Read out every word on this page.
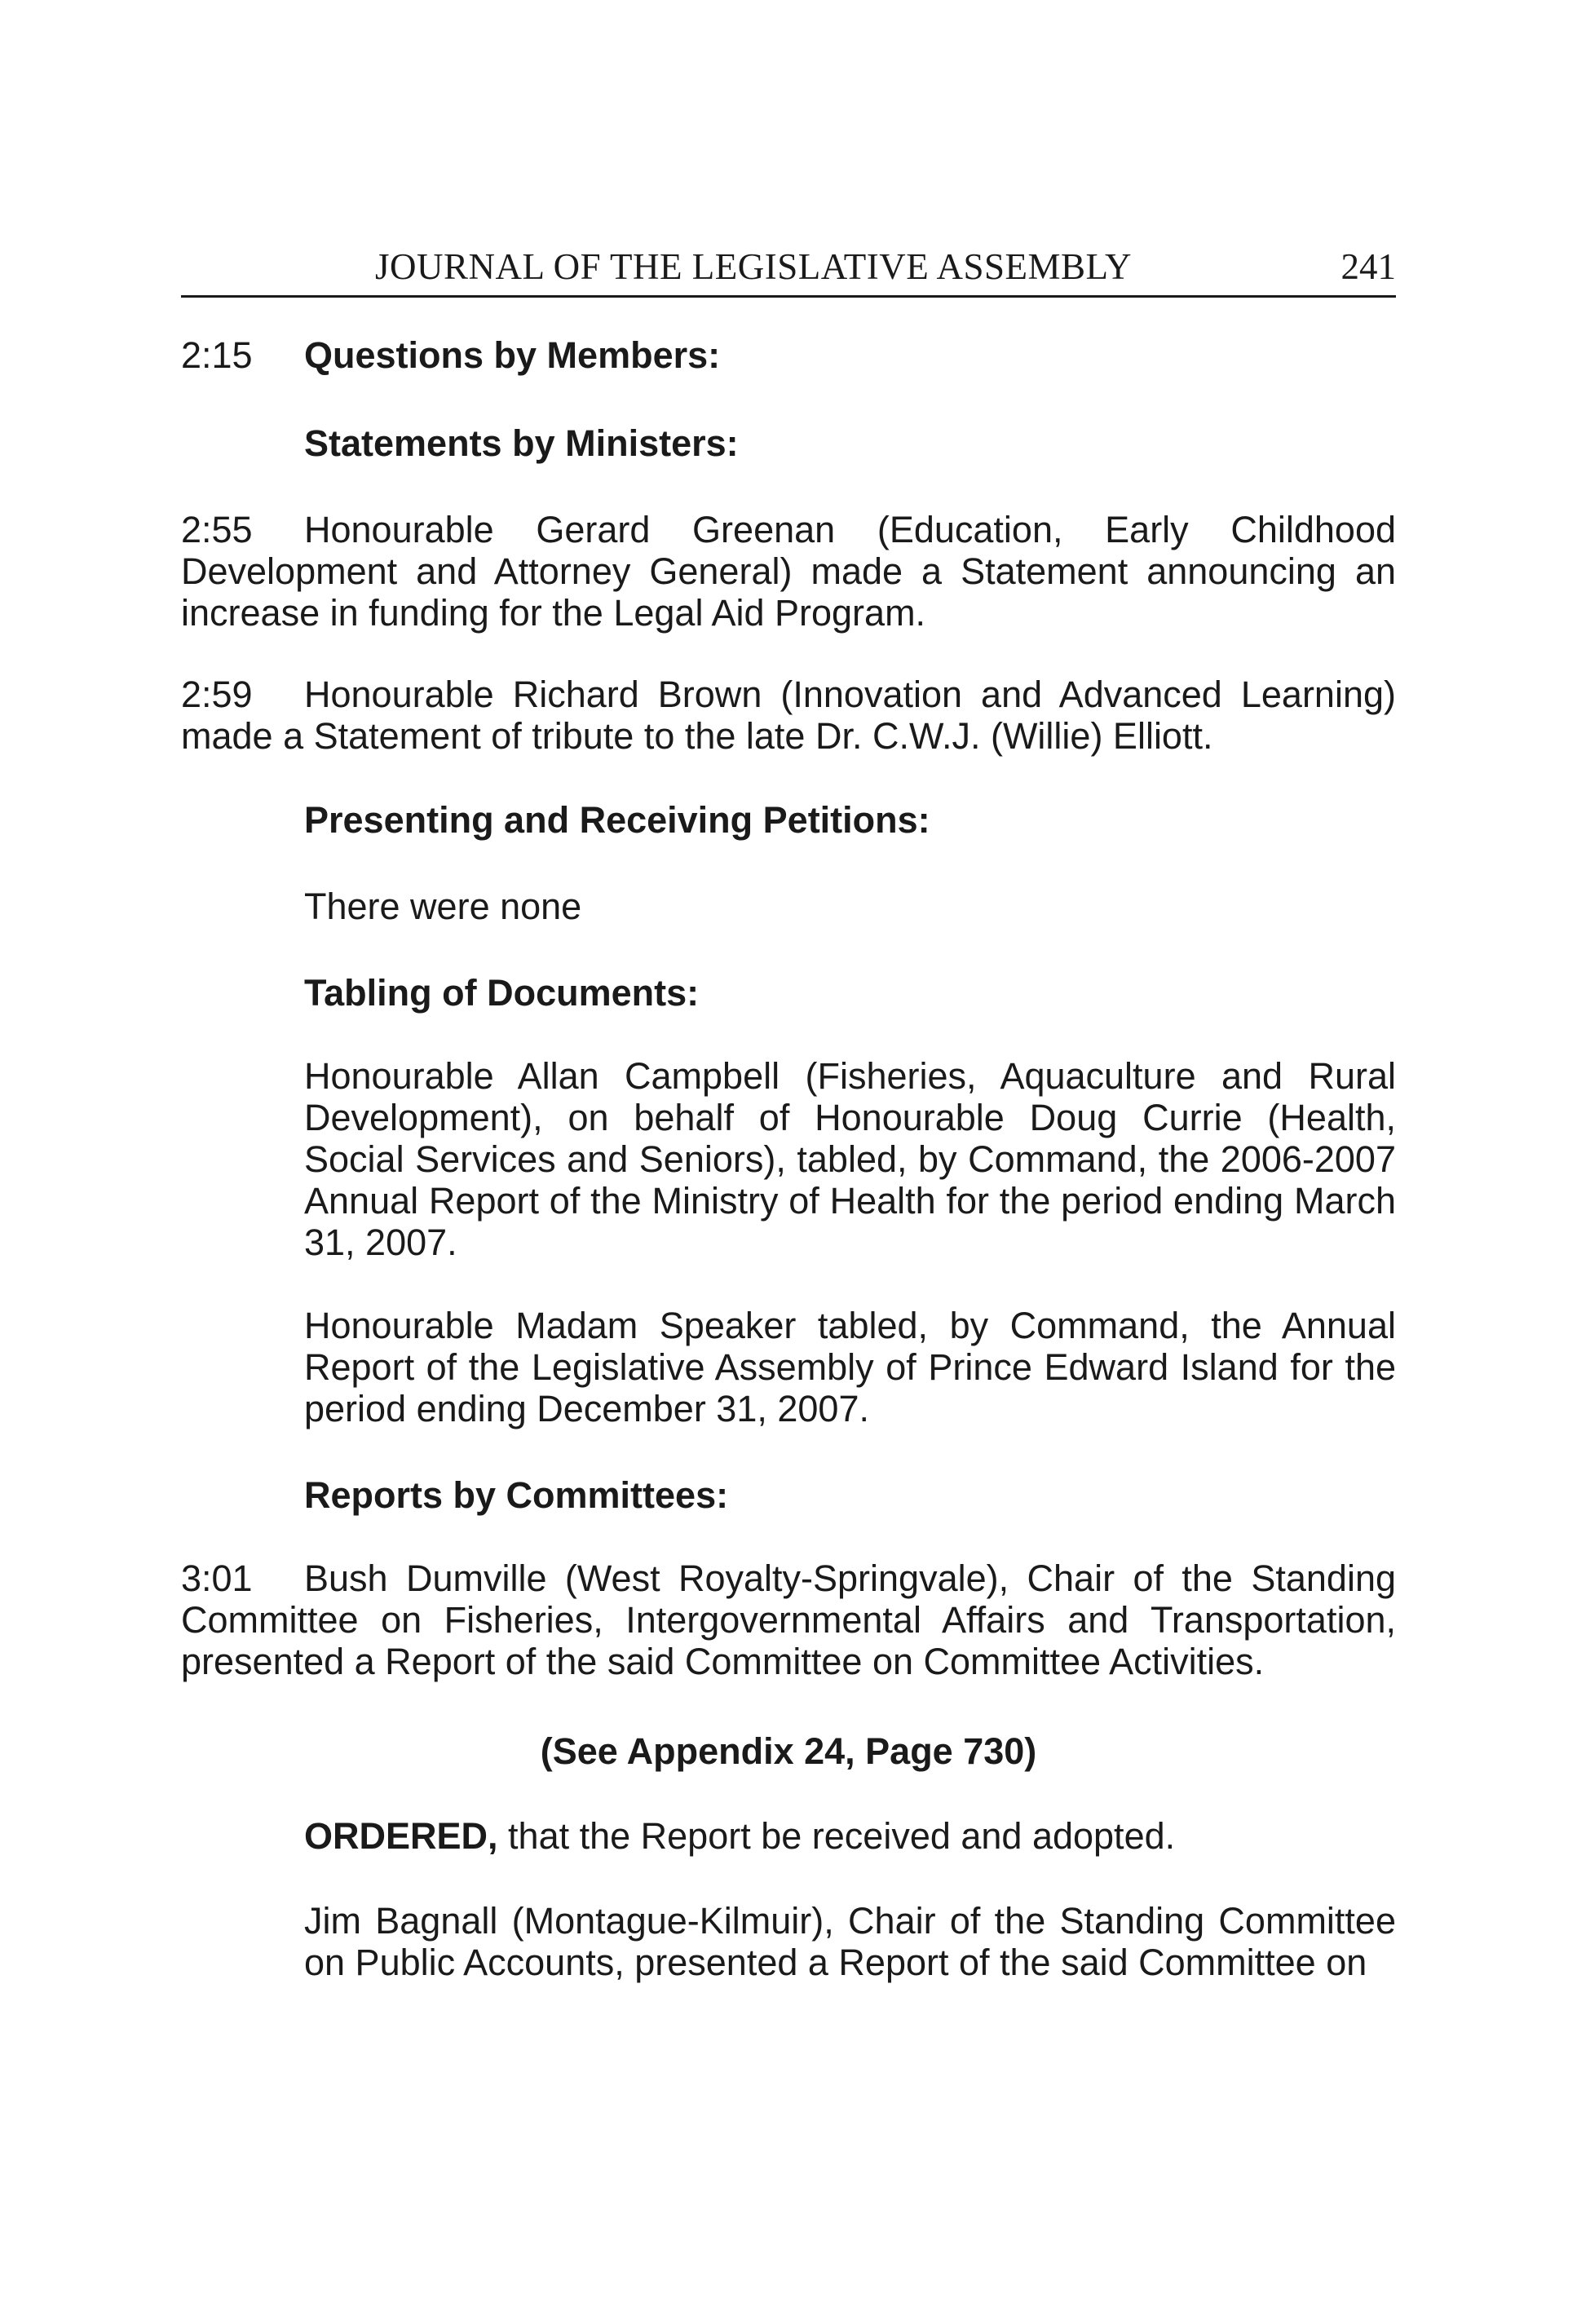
JOURNAL OF THE LEGISLATIVE ASSEMBLY	241
2:15 Questions by Members:
Statements by Ministers:
2:55 Honourable Gerard Greenan (Education, Early Childhood Development and Attorney General) made a Statement announcing an increase in funding for the Legal Aid Program.
2:59 Honourable Richard Brown (Innovation and Advanced Learning) made a Statement of tribute to the late Dr. C.W.J. (Willie) Elliott.
Presenting and Receiving Petitions:
There were none
Tabling of Documents:
Honourable Allan Campbell (Fisheries, Aquaculture and Rural Development), on behalf of Honourable Doug Currie (Health, Social Services and Seniors), tabled, by Command, the 2006-2007 Annual Report of the Ministry of Health for the period ending March 31, 2007.
Honourable Madam Speaker tabled, by Command, the Annual Report of the Legislative Assembly of Prince Edward Island for the period ending December 31, 2007.
Reports by Committees:
3:01 Bush Dumville (West Royalty-Springvale), Chair of the Standing Committee on Fisheries, Intergovernmental Affairs and Transportation, presented a Report of the said Committee on Committee Activities.
(See Appendix 24, Page 730)
ORDERED, that the Report be received and adopted.
Jim Bagnall (Montague-Kilmuir), Chair of the Standing Committee on Public Accounts, presented a Report of the said Committee on
